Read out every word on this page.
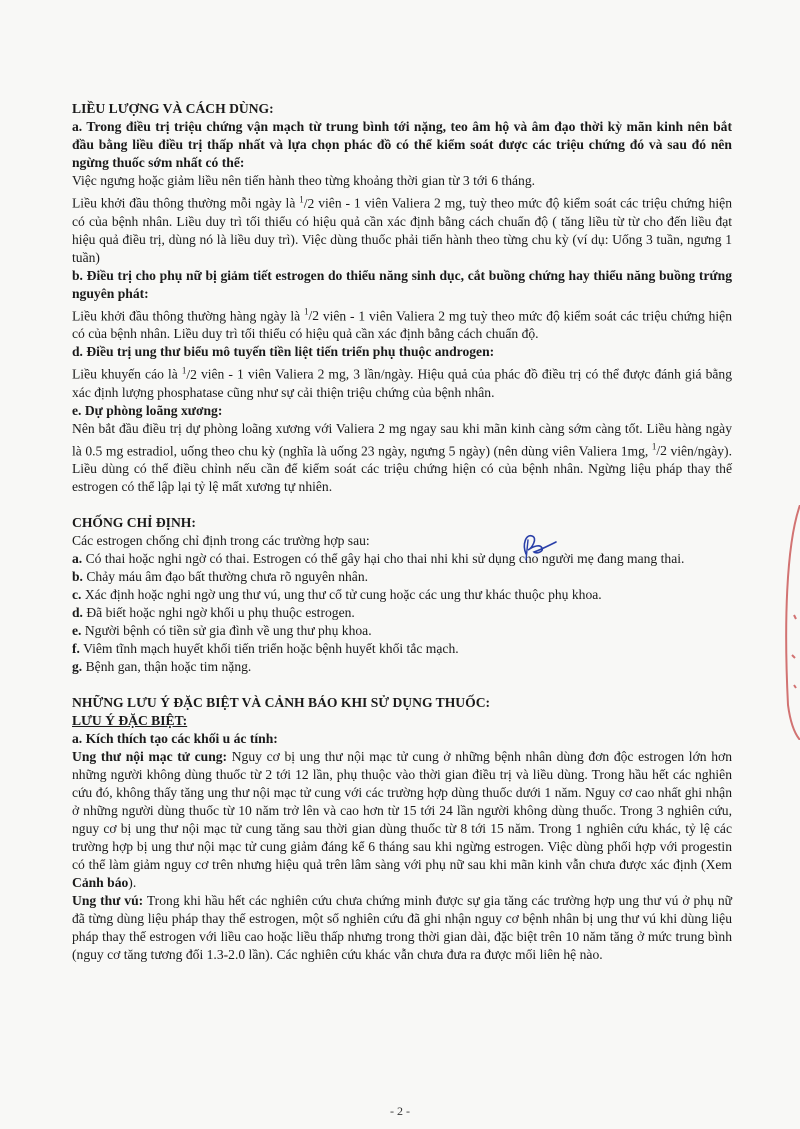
LIỀU LƯỢNG VÀ CÁCH DÙNG:

a. Trong điều trị triệu chứng vận mạch từ trung bình tới nặng, teo âm hộ và âm đạo thời kỳ mãn kinh nên bắt đầu bằng liều điều trị thấp nhất và lựa chọn phác đồ có thể kiểm soát được các triệu chứng đó và sau đó nên ngừng thuốc sớm nhất có thể:

Việc ngưng hoặc giảm liều nên tiến hành theo từng khoảng thời gian từ 3 tới 6 tháng.

Liều khởi đầu thông thường mỗi ngày là $^1$/2 viên - 1 viên Valiera 2 mg, tuỳ theo mức độ kiểm soát các triệu chứng hiện có của bệnh nhân. Liều duy trì tối thiểu có hiệu quả cần xác định bằng cách chuẩn độ ( tăng liều từ từ cho đến liều đạt hiệu quả điều trị, dùng nó là liều duy trì). Việc dùng thuốc phải tiến hành theo từng chu kỳ (ví dụ: Uống 3 tuần, ngưng 1 tuần)

b. Điều trị cho phụ nữ bị giảm tiết estrogen do thiểu năng sinh dục, cắt buồng chứng hay thiểu năng buồng trứng nguyên phát:

Liều khởi đầu thông thường hàng ngày là $^1$/2 viên - 1 viên Valiera 2 mg tuỳ theo mức độ kiểm soát các triệu chứng hiện có của bệnh nhân. Liều duy trì tối thiểu có hiệu quả cần xác định bằng cách chuẩn độ.

d. Điều trị ung thư biểu mô tuyến tiền liệt tiến triển phụ thuộc androgen:

Liều khuyến cáo là $^1$/2 viên - 1 viên Valiera 2 mg, 3 lần/ngày. Hiệu quả của phác đồ điều trị có thể được đánh giá bằng xác định lượng phosphatase cũng như sự cải thiện triệu chứng của bệnh nhân.

e. Dự phòng loãng xương:

Nên bắt đầu điều trị dự phòng loãng xương với Valiera 2 mg ngay sau khi mãn kinh càng sớm càng tốt. Liều hàng ngày là 0.5 mg estradiol, uống theo chu kỳ (nghĩa là uống 23 ngày, ngưng 5 ngày) (nên dùng viên Valiera 1mg, $^1$/2 viên/ngày). Liều dùng có thể điều chỉnh nếu cần để kiểm soát các triệu chứng hiện có của bệnh nhân. Ngừng liệu pháp thay thế estrogen có thể lập lại tỷ lệ mất xương tự nhiên.

CHỐNG CHỈ ĐỊNH:

Các estrogen chống chỉ định trong các trường hợp sau:

a. Có thai hoặc nghi ngờ có thai. Estrogen có thể gây hại cho thai nhi khi sử dụng cho người mẹ đang mang thai.

b. Chảy máu âm đạo bất thường chưa rõ nguyên nhân.

c. Xác định hoặc nghi ngờ ung thư vú, ung thư cổ tử cung hoặc các ung thư khác thuộc phụ khoa.

d. Đã biết hoặc nghi ngờ khối u phụ thuộc estrogen.

e. Người bệnh có tiền sử gia đình về ung thư phụ khoa.

f. Viêm tĩnh mạch huyết khối tiến triển hoặc bệnh huyết khối tắc mạch.

g. Bệnh gan, thận hoặc tim nặng.

NHỮNG LƯU Ý ĐẶC BIỆT VÀ CẢNH BÁO KHI SỬ DỤNG THUỐC:

LƯU Ý ĐẶC BIỆT:

a. Kích thích tạo các khối u ác tính:

Ung thư nội mạc tử cung: Nguy cơ bị ung thư nội mạc tử cung ở những bệnh nhân dùng đơn độc estrogen lớn hơn những người không dùng thuốc từ 2 tới 12 lần, phụ thuộc vào thời gian điều trị và liều dùng. Trong hầu hết các nghiên cứu đó, không thấy tăng ung thư nội mạc tử cung với các trường hợp dùng thuốc dưới 1 năm. Nguy cơ cao nhất ghi nhận ở những người dùng thuốc từ 10 năm trở lên và cao hơn từ 15 tới 24 lần người không dùng thuốc. Trong 3 nghiên cứu, nguy cơ bị ung thư nội mạc tử cung tăng sau thời gian dùng thuốc từ 8 tới 15 năm. Trong 1 nghiên cứu khác, tỷ lệ các trường hợp bị ung thư nội mạc tử cung giảm đáng kể 6 tháng sau khi ngừng estrogen. Việc dùng phối hợp với progestin có thể làm giảm nguy cơ trên nhưng hiệu quả trên lâm sàng với phụ nữ sau khi mãn kinh vẫn chưa được xác định (Xem Cảnh báo).

Ung thư vú: Trong khi hầu hết các nghiên cứu chưa chứng minh được sự gia tăng các trường hợp ung thư vú ở phụ nữ đã từng dùng liệu pháp thay thế estrogen, một số nghiên cứu đã ghi nhận nguy cơ bệnh nhân bị ung thư vú khi dùng liệu pháp thay thế estrogen với liều cao hoặc liều thấp nhưng trong thời gian dài, đặc biệt trên 10 năm tăng ở mức trung bình (nguy cơ tăng tương đối 1.3-2.0 lần). Các nghiên cứu khác vẫn chưa đưa ra được mối liên hệ nào.

- 2 -
